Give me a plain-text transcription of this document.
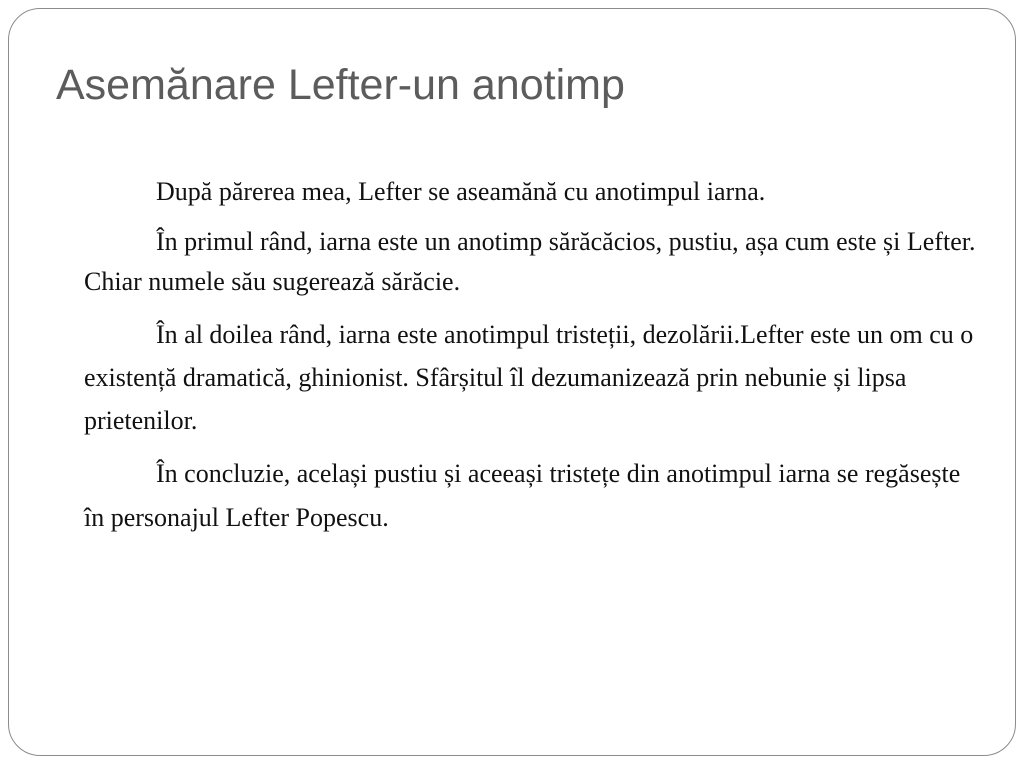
Asemănare Lefter-un anotimp

După părerea mea, Lefter se aseamănă cu anotimpul iarna.

În primul rând, iarna este un anotimp sărăcăcios, pustiu, așa cum este și Lefter. Chiar numele său sugerează sărăcie.

În al doilea rând, iarna este anotimpul tristeții, dezolării.Lefter este un om cu o existență dramatică, ghinionist. Sfârșitul îl dezumanizează prin nebunie și lipsa prietenilor.

În concluzie, același pustiu și aceeași tristețe din anotimpul iarna se regăsește în personajul Lefter Popescu.
